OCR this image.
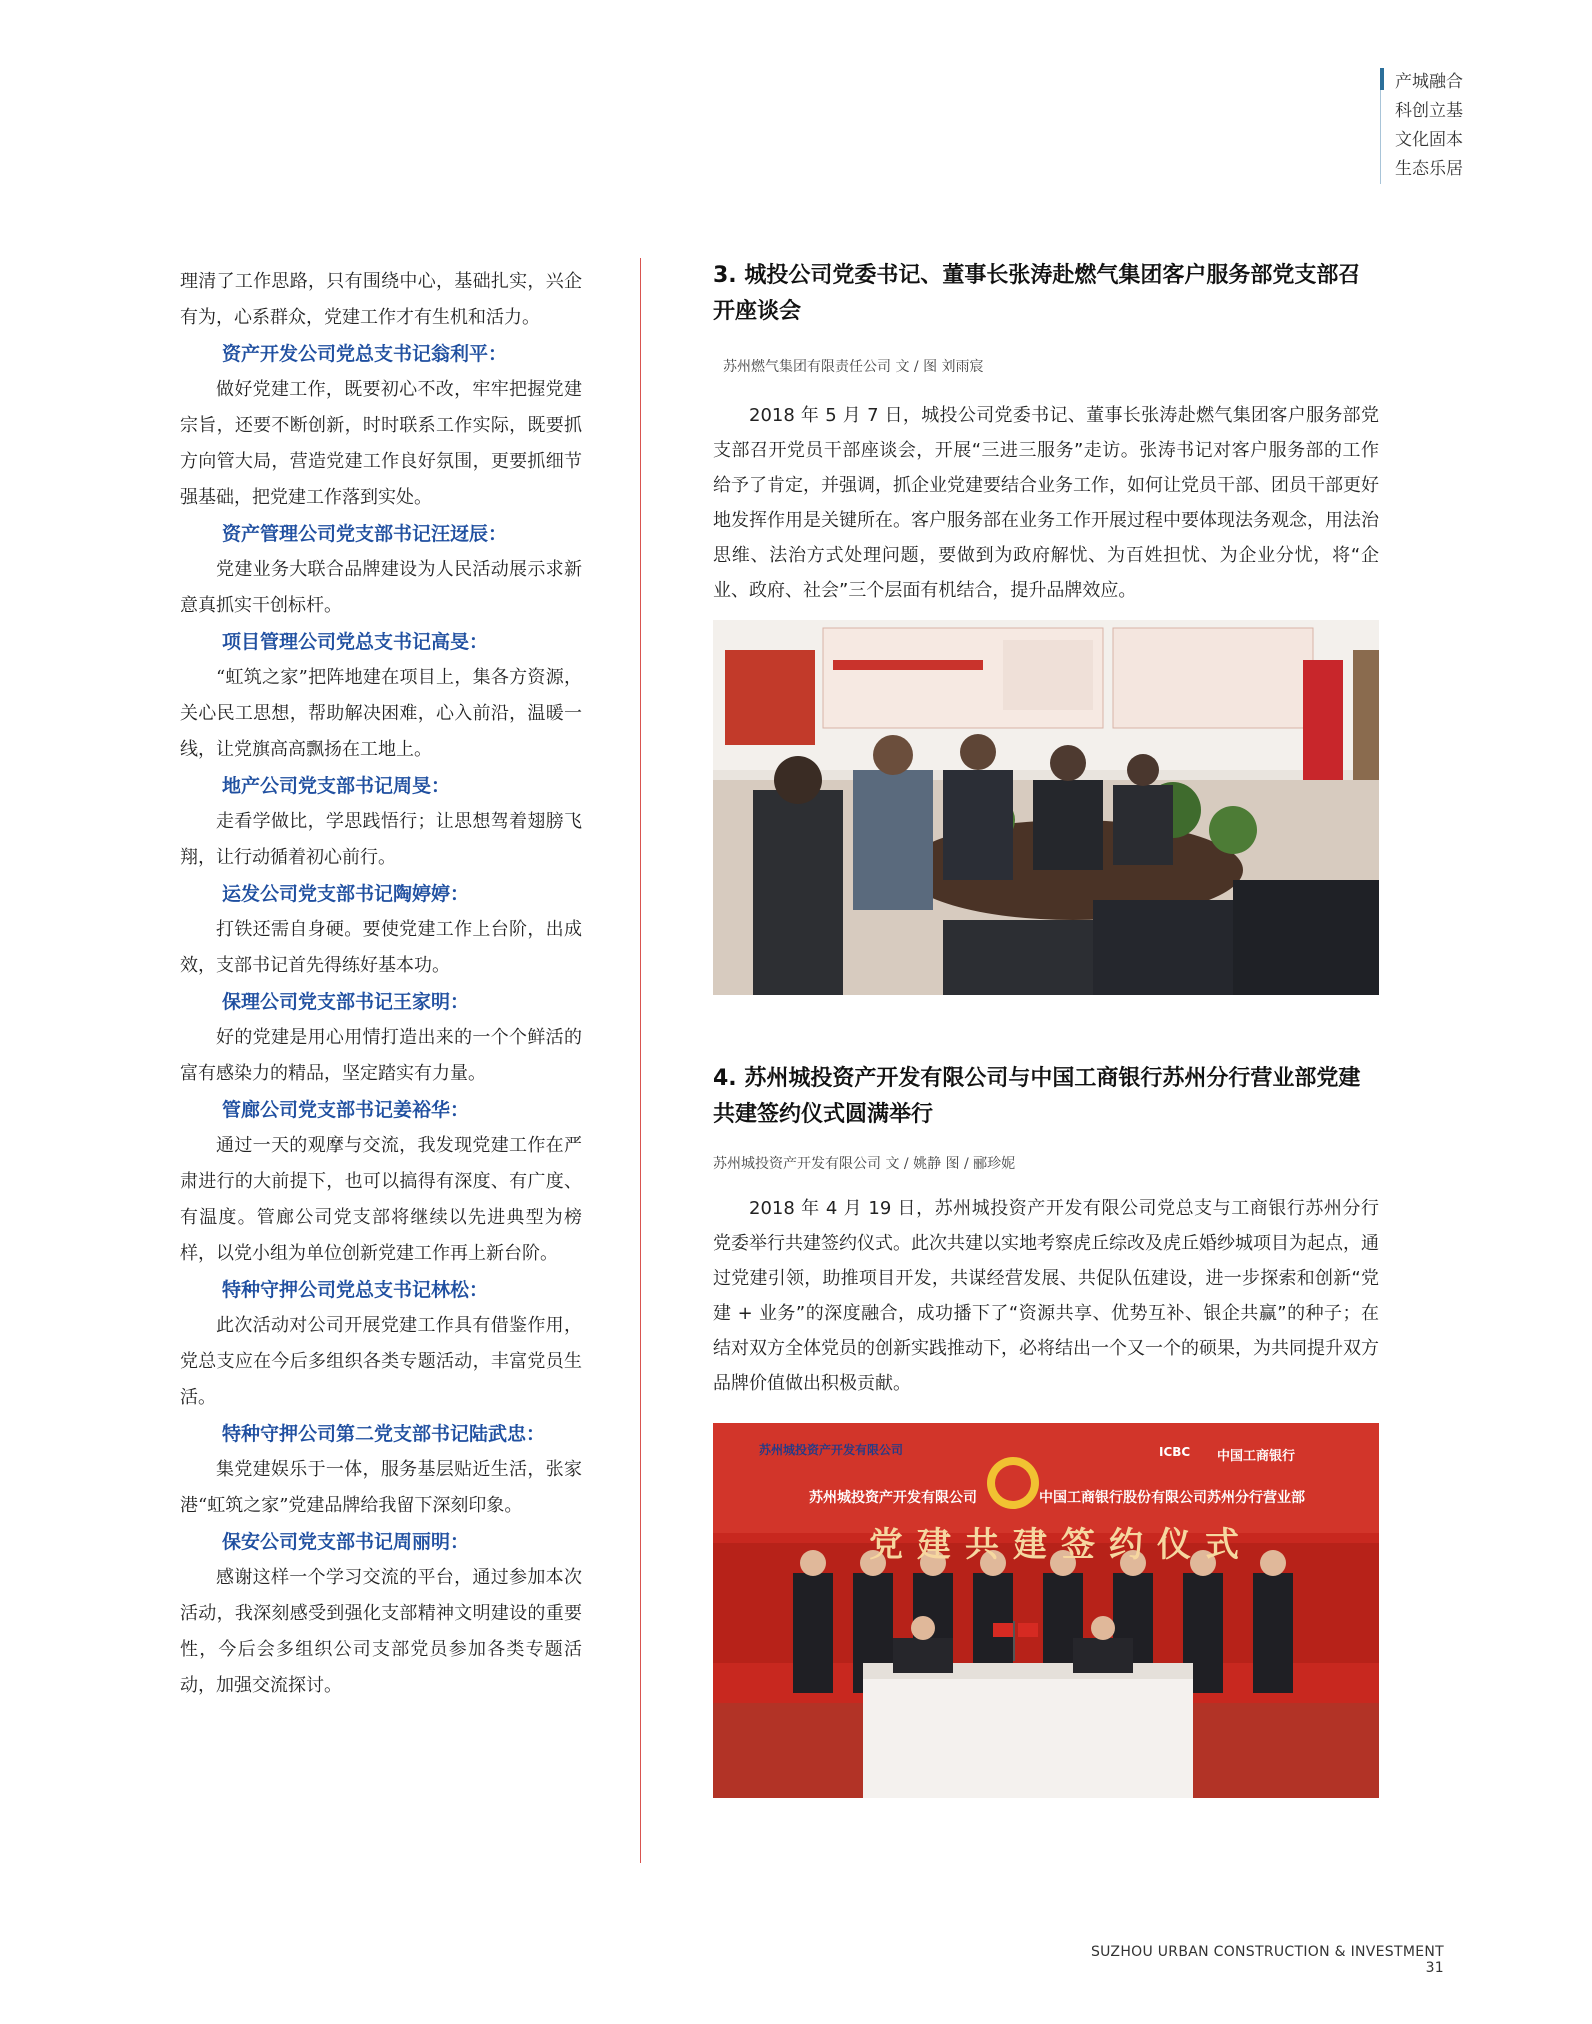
产城融合
科创立基
文化固本
生态乐居

理清了工作思路，只有围绕中心，基础扎实，兴企有为，心系群众，党建工作才有生机和活力。

资产开发公司党总支书记翁利平：

做好党建工作，既要初心不改，牢牢把握党建宗旨，还要不断创新，时时联系工作实际，既要抓方向管大局，营造党建工作良好氛围，更要抓细节强基础，把党建工作落到实处。

资产管理公司党支部书记汪迓辰：

党建业务大联合品牌建设为人民活动展示求新意真抓实干创标杆。

项目管理公司党总支书记高旻：

“虹筑之家”把阵地建在项目上，集各方资源，关心民工思想，帮助解决困难，心入前沿，温暖一线，让党旗高高飘扬在工地上。

地产公司党支部书记周旻：

走看学做比，学思践悟行；让思想驾着翅膀飞翔，让行动循着初心前行。

运发公司党支部书记陶婷婷：

打铁还需自身硬。要使党建工作上台阶，出成效，支部书记首先得练好基本功。

保理公司党支部书记王家明：

好的党建是用心用情打造出来的一个个鲜活的富有感染力的精品，坚定踏实有力量。

管廊公司党支部书记姜裕华：

通过一天的观摩与交流，我发现党建工作在严肃进行的大前提下，也可以搞得有深度、有广度、有温度。管廊公司党支部将继续以先进典型为榜样，以党小组为单位创新党建工作再上新台阶。

特种守押公司党总支书记林松：

此次活动对公司开展党建工作具有借鉴作用，党总支应在今后多组织各类专题活动，丰富党员生活。

特种守押公司第二党支部书记陆武忠：

集党建娱乐于一体，服务基层贴近生活，张家港“虹筑之家”党建品牌给我留下深刻印象。

保安公司党支部书记周丽明：

感谢这样一个学习交流的平台，通过参加本次活动，我深刻感受到强化支部精神文明建设的重要性，今后会多组织公司支部党员参加各类专题活动，加强交流探讨。

3. 城投公司党委书记、董事长张涛赴燃气集团客户服务部党支部召开座谈会
苏州燃气集团有限责任公司 文 / 图 刘雨宸

2018 年 5 月 7 日，城投公司党委书记、董事长张涛赴燃气集团客户服务部党支部召开党员干部座谈会，开展“三进三服务”走访。张涛书记对客户服务部的工作给予了肯定，并强调，抓企业党建要结合业务工作，如何让党员干部、团员干部更好地发挥作用是关键所在。客户服务部在业务工作开展过程中要体现法务观念，用法治思维、法治方式处理问题，要做到为政府解忧、为百姓担忧、为企业分忧，将“企业、政府、社会”三个层面有机结合，提升品牌效应。

4. 苏州城投资产开发有限公司与中国工商银行苏州分行营业部党建共建签约仪式圆满举行
苏州城投资产开发有限公司 文 / 姚静 图 / 郦珍妮

2018 年 4 月 19 日，苏州城投资产开发有限公司党总支与工商银行苏州分行党委举行共建签约仪式。此次共建以实地考察虎丘综改及虎丘婚纱城项目为起点，通过党建引领，助推项目开发，共谋经营发展、共促队伍建设，进一步探索和创新“党建 + 业务”的深度融合，成功播下了“资源共享、优势互补、银企共赢”的种子；在结对双方全体党员的创新实践推动下，必将结出一个又一个的硕果，为共同提升双方品牌价值做出积极贡献。

苏州城投资产开发有限公司
苏州城投资产开发有限公司	中国工商银行股份有限公司苏州分行营业部
党建共建签约仪式
ICBC 中国工商银行
SUZHOU URBAN CONSTRUCTION & INVESTMENT 31
